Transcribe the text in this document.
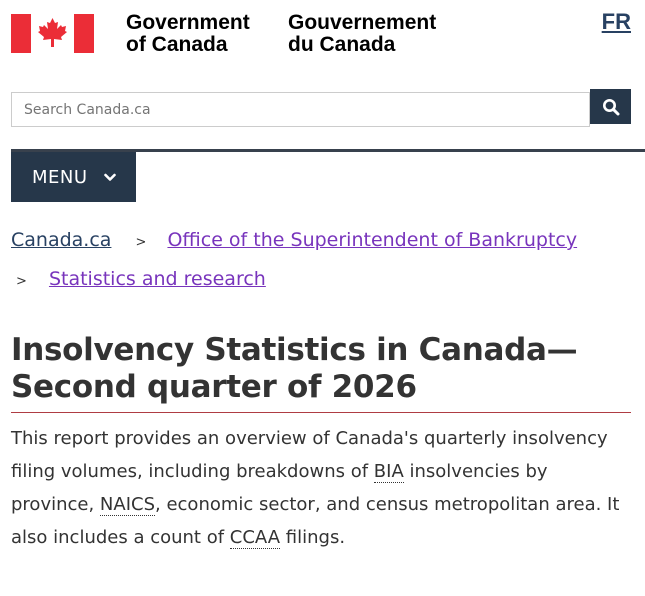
Government
of Canada
Gouvernement
du Canada
FR
Search Canada.ca
MENU
Canada.ca > Office of the Superintendent of Bankruptcy
> Statistics and research
Insolvency Statistics in Canada—Second quarter of 2026

This report provides an overview of Canada's quarterly insolvency filing volumes, including breakdowns of BIA insolvencies by province, NAICS, economic sector, and census metropolitan area. It also includes a count of CCAA filings.
